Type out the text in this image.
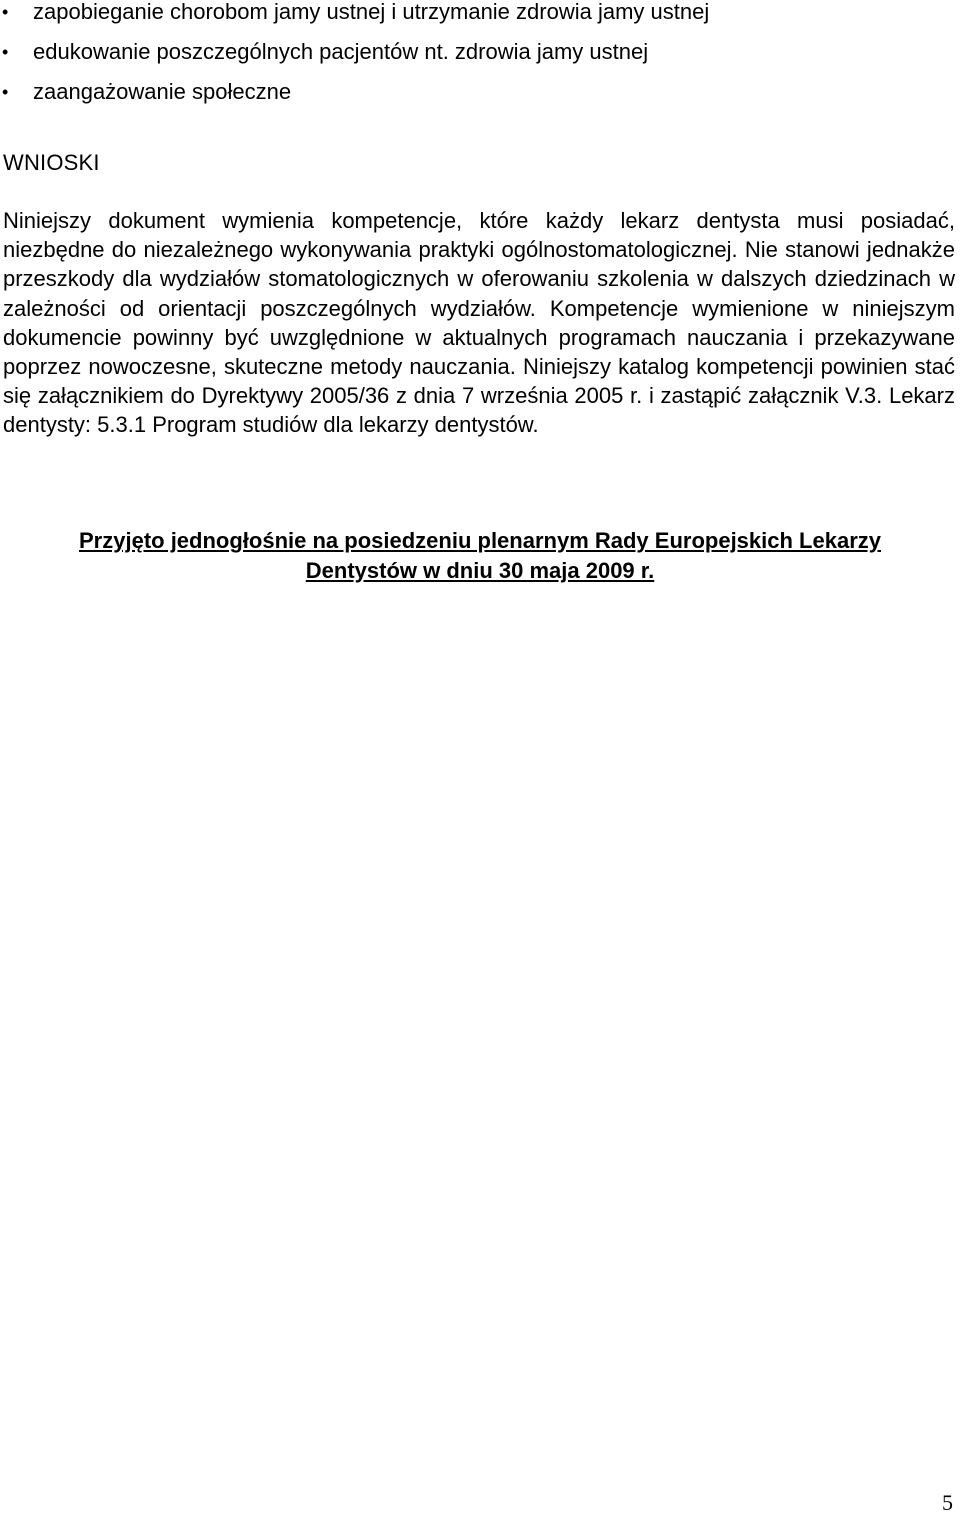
• zapobieganie chorobom jamy ustnej i utrzymanie zdrowia jamy ustnej
• edukowanie poszczególnych pacjentów nt. zdrowia jamy ustnej
• zaangażowanie społeczne
WNIOSKI

Niniejszy dokument wymienia kompetencje, które każdy lekarz dentysta musi posiadać, niezbędne do niezależnego wykonywania praktyki ogólnostomatologicznej. Nie stanowi jednakże przeszkody dla wydziałów stomatologicznych w oferowaniu szkolenia w dalszych dziedzinach w zależności od orientacji poszczególnych wydziałów. Kompetencje wymienione w niniejszym dokumencie powinny być uwzględnione w aktualnych programach nauczania i przekazywane poprzez nowoczesne, skuteczne metody nauczania. Niniejszy katalog kompetencji powinien stać się załącznikiem do Dyrektywy 2005/36 z dnia 7 września 2005 r. i zastąpić załącznik V.3. Lekarz dentysty: 5.3.1 Program studiów dla lekarzy dentystów.

Przyjęto jednogłośnie na posiedzeniu plenarnym Rady Europejskich Lekarzy
Dentystów w dniu 30 maja 2009 r.

5
